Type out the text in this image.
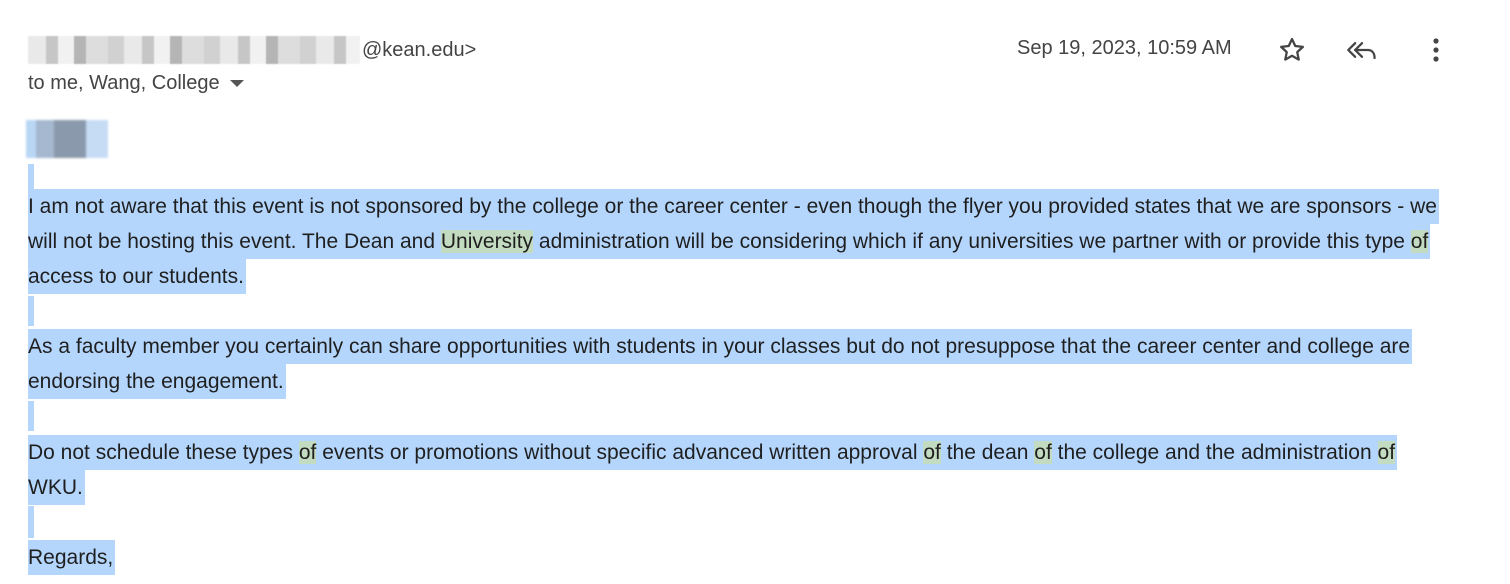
@kean.edu>	Sep 19, 2023, 10:59 AM
to me, Wang, College

I am not aware that this event is not sponsored by the college or the career center - even though the flyer you provided states that we are sponsors - we will not be hosting this event. The Dean and University administration will be considering which if any universities we partner with or provide this type of access to our students.

As a faculty member you certainly can share opportunities with students in your classes but do not presuppose that the career center and college are endorsing the engagement.

Do not schedule these types of events or promotions without specific advanced written approval of the dean of the college and the administration of WKU.

Regards,
